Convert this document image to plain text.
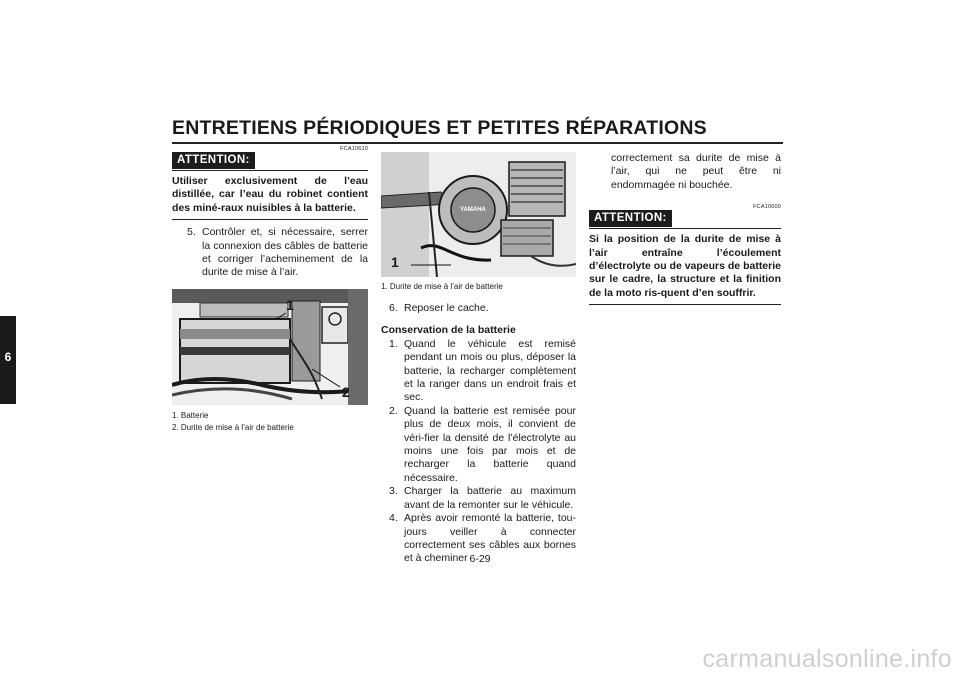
ENTRETIENS PÉRIODIQUES ET PETITES RÉPARATIONS
6
ATTENTION:
FCA10610
Utiliser exclusivement de l’eau distillée, car l’eau du robinet contient des miné-raux nuisibles à la batterie.
5. Contrôler et, si nécessaire, serrer la connexion des câbles de batterie et corriger l’acheminement de la durite de mise à l’air.
1
2
1. Batterie
2. Durite de mise à l’air de batterie
YAMAHA
1
1. Durite de mise à l’air de batterie
6. Reposer le cache.
Conservation de la batterie
1. Quand le véhicule est remisé pendant un mois ou plus, déposer la batterie, la recharger complètement et la ranger dans un endroit frais et sec.
2. Quand la batterie est remisée pour plus de deux mois, il convient de véri-fier la densité de l’électrolyte au moins une fois par mois et de recharger la batterie quand nécessaire.
3. Charger la batterie au maximum avant de la remonter sur le véhicule.
4. Après avoir remonté la batterie, tou-jours veiller à connecter correctement ses câbles aux bornes et à cheminer
correctement sa durite de mise à l’air, qui ne peut être ni endommagée ni bouchée.
ATTENTION:
FCA10600
Si la position de la durite de mise à l’air entraîne l’écoulement d’électrolyte ou de vapeurs de batterie sur le cadre, la structure et la finition de la moto ris-quent d’en souffrir.
6-29
carmanualsonline.info
